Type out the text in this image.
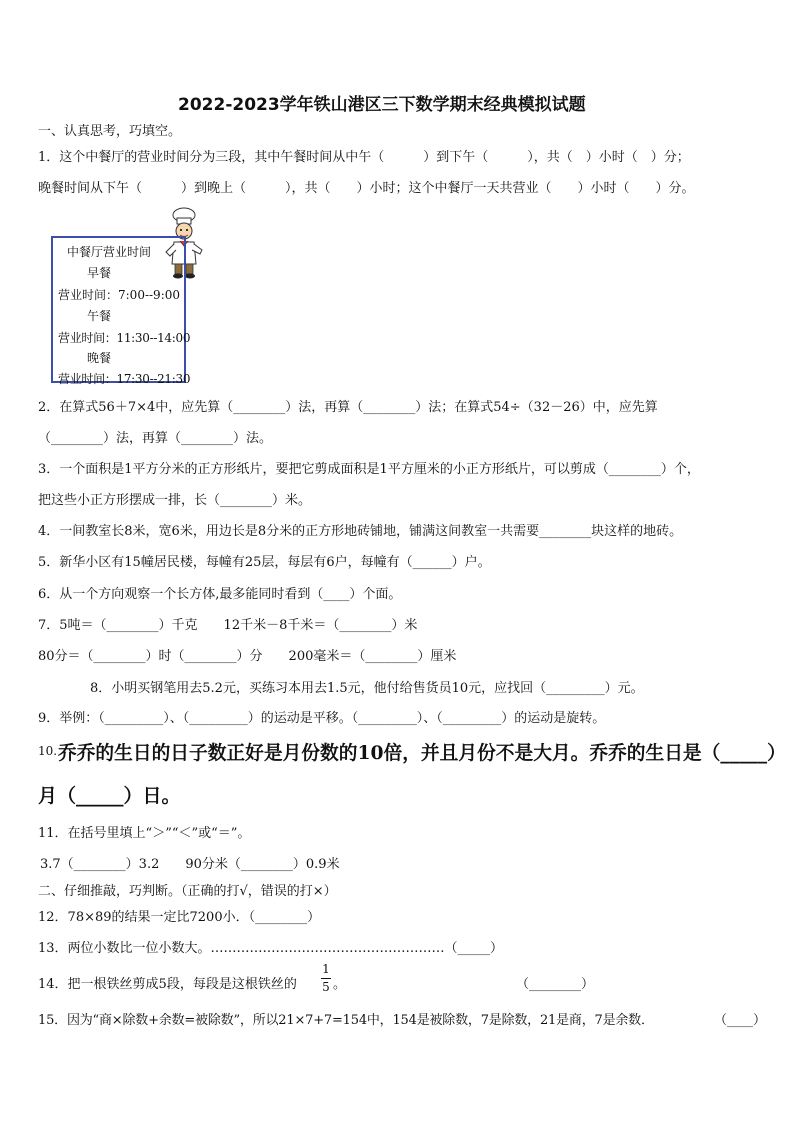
2022-2023学年铁山港区三下数学期末经典模拟试题
一、认真思考，巧填空。
1．这个中餐厅的营业时间分为三段，其中午餐时间从中午（　　　）到下午（　　　），共（　）小时（　）分；
晚餐时间从下午（　　　）到晚上（　　　），共（　　）小时；这个中餐厅一天共营业（　　）小时（　　）分。
中餐厅营业时间
早餐
营业时间：7:00--9:00
午餐
营业时间：11:30--14:00
晚餐
营业时间：17:30--21:30
2．在算式56＋7×4中，应先算（________）法，再算（________）法；在算式54÷（32－26）中，应先算
（________）法，再算（________）法。
3．一个面积是1平方分米的正方形纸片，要把它剪成面积是1平方厘米的小正方形纸片，可以剪成（________）个，
把这些小正方形摆成一排，长（________）米。
4．一间教室长8米，宽6米，用边长是8分米的正方形地砖铺地，铺满这间教室一共需要________块这样的地砖。
5．新华小区有15幢居民楼，每幢有25层，每层有6户，每幢有（______）户。
6．从一个方向观察一个长方体,最多能同时看到（____）个面。
7．5吨＝（________）千克　　12千米－8千米＝（________）米
80分＝（________）时（________）分　　200毫米＝（________）厘米
8．小明买钢笔用去5.2元，买练习本用去1.5元，他付给售货员10元，应找回（_________）元。
9．举例：（_________）、（_________）的运动是平移。（_________）、（_________）的运动是旋转。
10. 乔乔的生日的日子数正好是月份数的10倍，并且月份不是大月。乔乔的生日是（_____）
月（_____）日。
11．在括号里填上“＞”“＜”或“＝”。
3.7（________）3.2　　90分米（________）0.9米
二、仔细推敲，巧判断。（正确的打√，错误的打×）
12．78×89的结果一定比7200小．（________）
13．两位小数比一位小数大。………………………………………………（_____）
14．把一根铁丝剪成5段，每段是这根铁丝的
1
5 。	（________）
15．因为“商×除数+余数=被除数”，所以21×7+7=154中，154是被除数，7是除数，21是商，7是余数．	（____）
